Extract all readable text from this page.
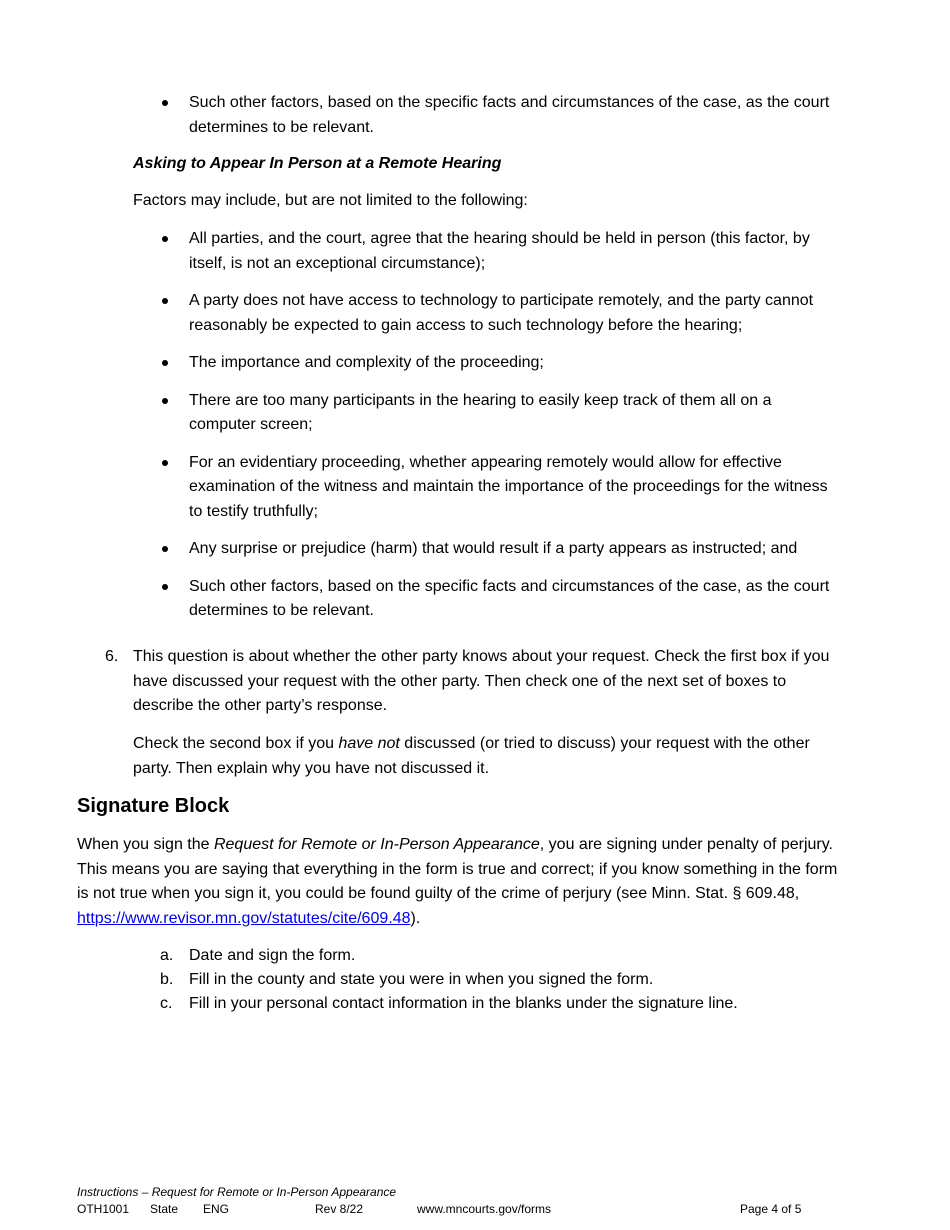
Such other factors, based on the specific facts and circumstances of the case, as the court determines to be relevant.
Asking to Appear In Person at a Remote Hearing
Factors may include, but are not limited to the following:
All parties, and the court, agree that the hearing should be held in person (this factor, by itself, is not an exceptional circumstance);
A party does not have access to technology to participate remotely, and the party cannot reasonably be expected to gain access to such technology before the hearing;
The importance and complexity of the proceeding;
There are too many participants in the hearing to easily keep track of them all on a computer screen;
For an evidentiary proceeding, whether appearing remotely would allow for effective examination of the witness and maintain the importance of the proceedings for the witness to testify truthfully;
Any surprise or prejudice (harm) that would result if a party appears as instructed; and
Such other factors, based on the specific facts and circumstances of the case, as the court determines to be relevant.
6. This question is about whether the other party knows about your request. Check the first box if you have discussed your request with the other party. Then check one of the next set of boxes to describe the other party’s response.
Check the second box if you have not discussed (or tried to discuss) your request with the other party. Then explain why you have not discussed it.
Signature Block
When you sign the Request for Remote or In-Person Appearance, you are signing under penalty of perjury. This means you are saying that everything in the form is true and correct; if you know something in the form is not true when you sign it, you could be found guilty of the crime of perjury (see Minn. Stat. § 609.48, https://www.revisor.mn.gov/statutes/cite/609.48).
a. Date and sign the form.
b. Fill in the county and state you were in when you signed the form.
c. Fill in your personal contact information in the blanks under the signature line.
Instructions – Request for Remote or In-Person Appearance
OTH1001 State ENG	Rev 8/22	www.mncourts.gov/forms	Page 4 of 5
